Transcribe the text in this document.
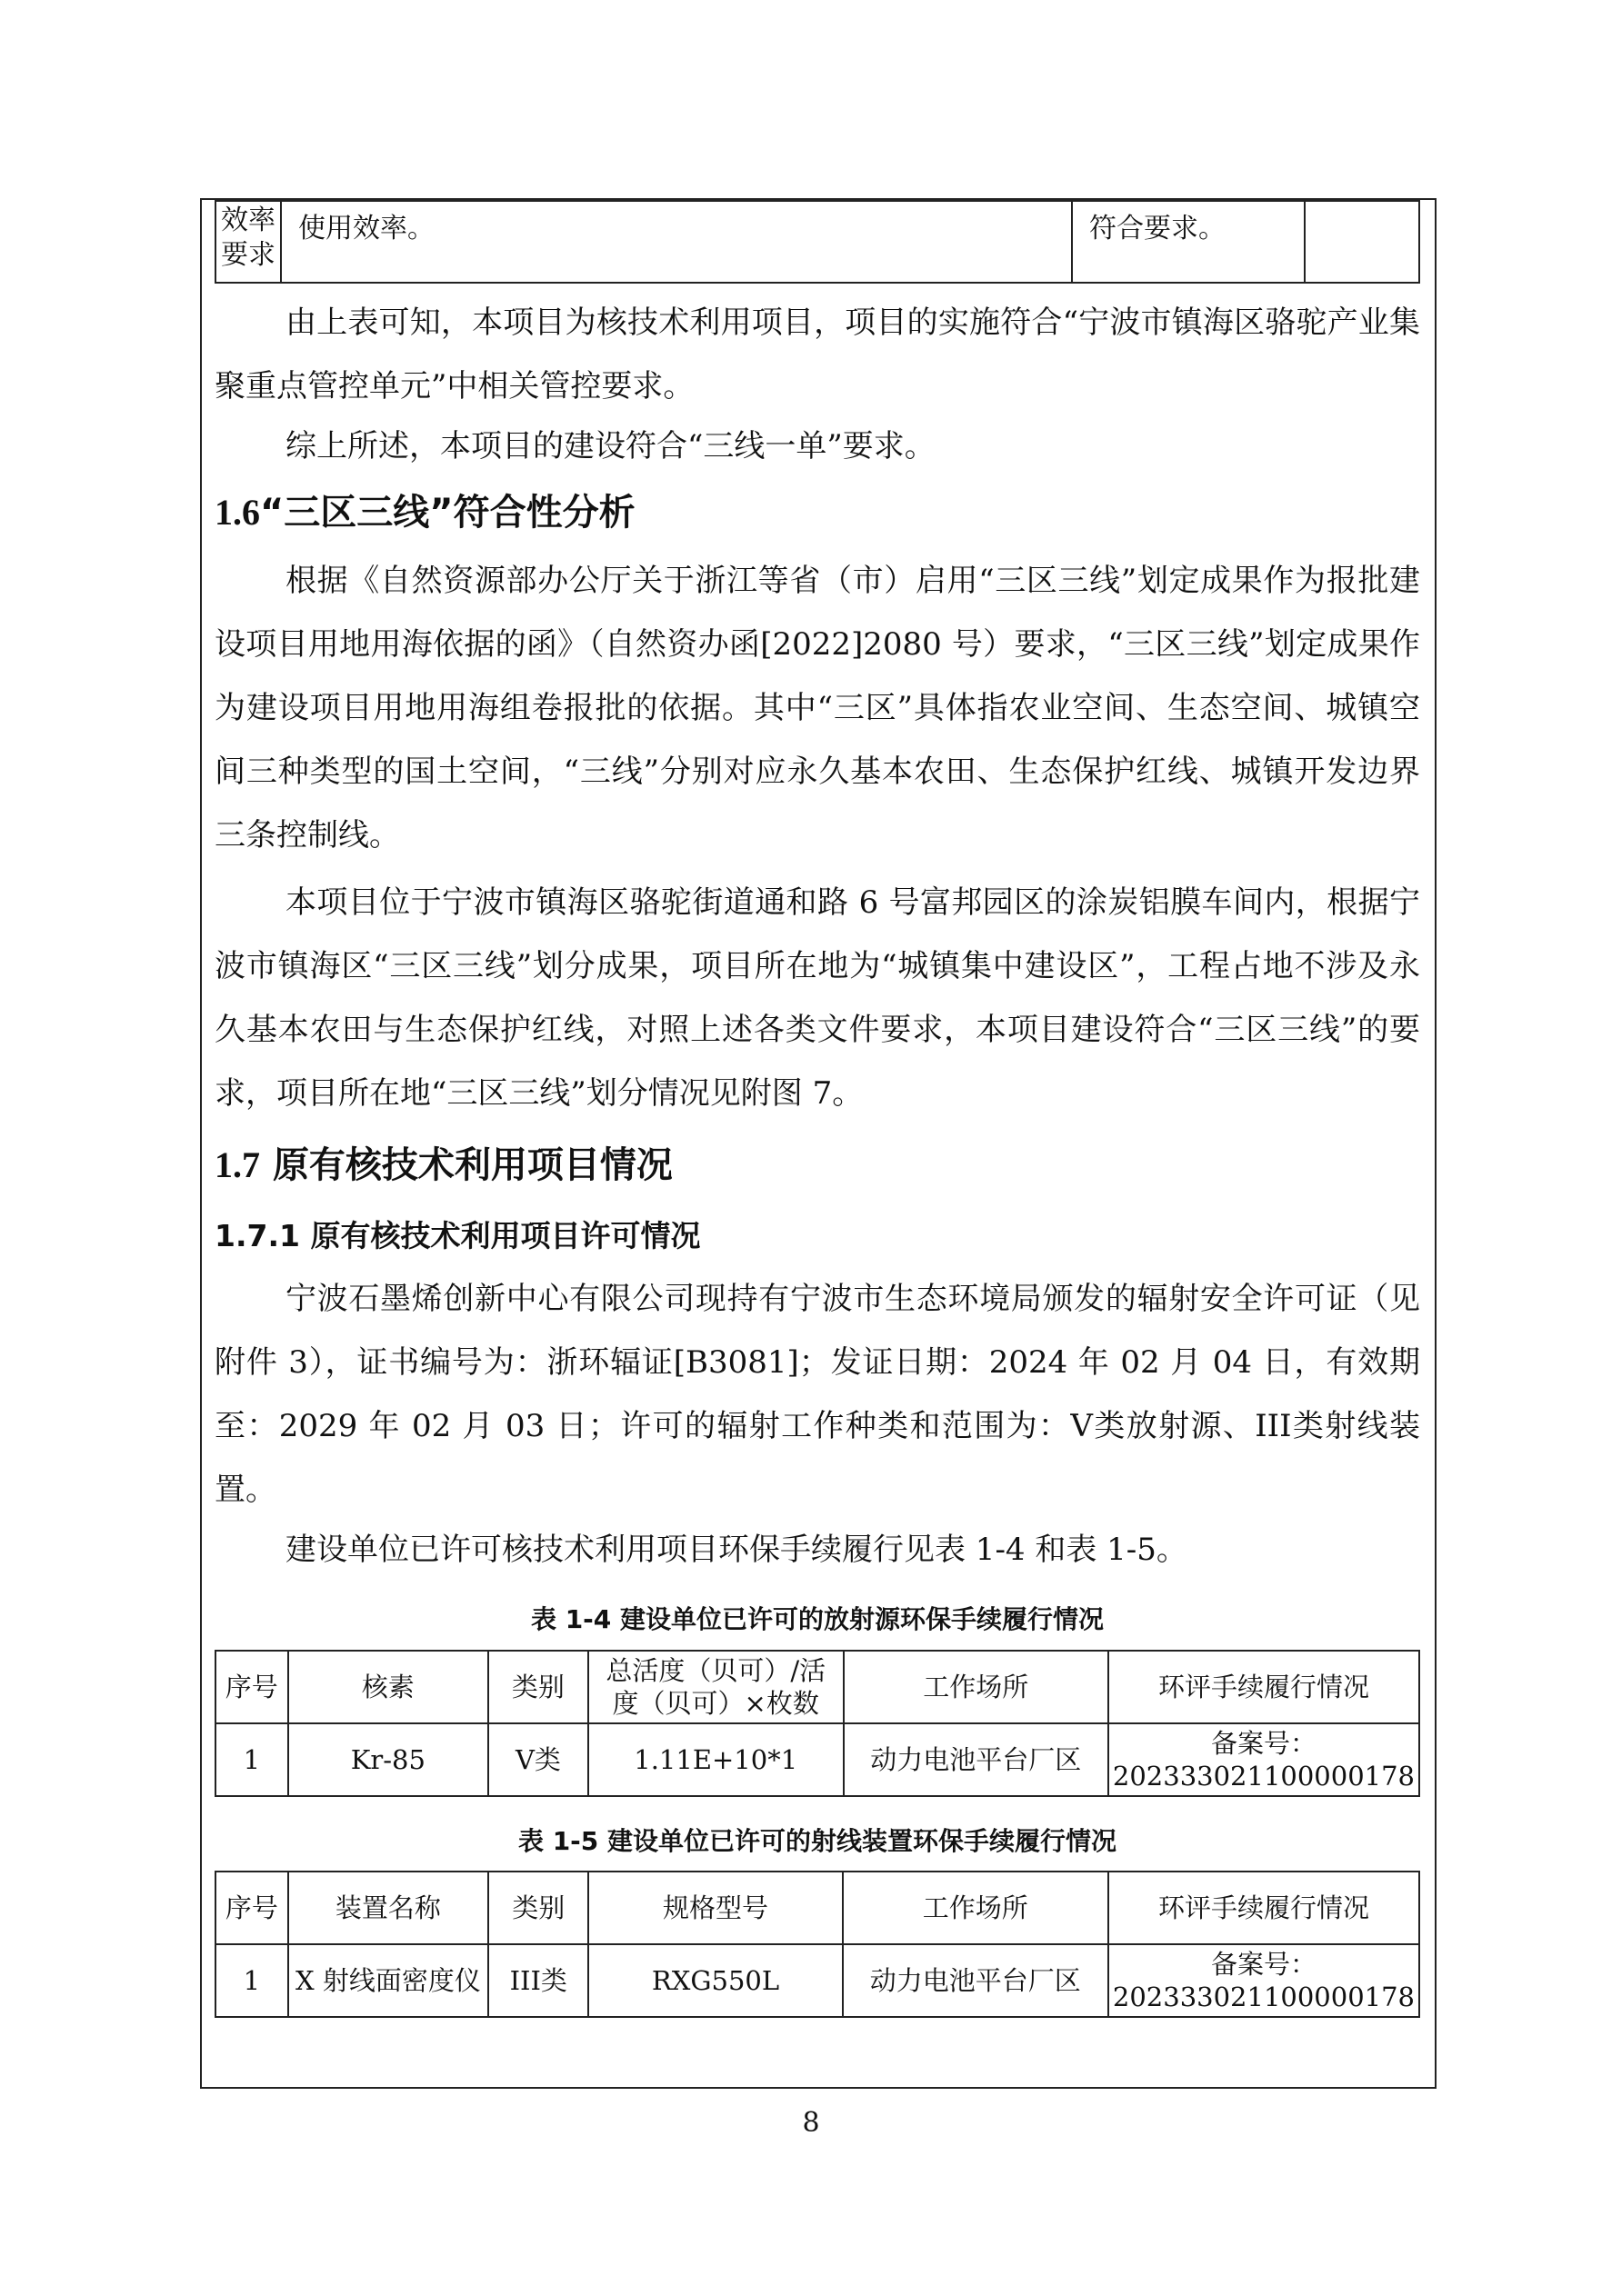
效率要求	使用效率。	符合要求。	

由上表可知，本项目为核技术利用项目，项目的实施符合“宁波市镇海区骆驼产业集聚重点管控单元”中相关管控要求。

综上所述，本项目的建设符合“三线一单”要求。

1.6“三区三线”符合性分析

根据《自然资源部办公厅关于浙江等省（市）启用“三区三线”划定成果作为报批建设项目用地用海依据的函》（自然资办函[2022]2080 号）要求，“三区三线”划定成果作为建设项目用地用海组卷报批的依据。其中“三区”具体指农业空间、生态空间、城镇空间三种类型的国土空间，“三线”分别对应永久基本农田、生态保护红线、城镇开发边界三条控制线。

本项目位于宁波市镇海区骆驼街道通和路 6 号富邦园区的涂炭铝膜车间内，根据宁波市镇海区“三区三线”划分成果，项目所在地为“城镇集中建设区”，工程占地不涉及永久基本农田与生态保护红线，对照上述各类文件要求，本项目建设符合“三区三线”的要求，项目所在地“三区三线”划分情况见附图 7。

1.7 原有核技术利用项目情况
1.7.1 原有核技术利用项目许可情况

宁波石墨烯创新中心有限公司现持有宁波市生态环境局颁发的辐射安全许可证（见附件 3），证书编号为：浙环辐证[B3081]；发证日期：2024 年 02 月 04 日，有效期至：2029 年 02 月 03 日；许可的辐射工作种类和范围为：V类放射源、III类射线装置。

建设单位已许可核技术利用项目环保手续履行见表 1-4 和表 1-5。

表 1-4 建设单位已许可的放射源环保手续履行情况

序号	核素	类别	总活度（贝可）/活度（贝可）×枚数	工作场所	环评手续履行情况
1	Kr-85	V类	1.11E+10*1	动力电池平台厂区	备案号：202333021100000178

表 1-5 建设单位已许可的射线装置环保手续履行情况

序号	装置名称	类别	规格型号	工作场所	环评手续履行情况
1	X 射线面密度仪	III类	RXG550L	动力电池平台厂区	备案号：202333021100000178

8
